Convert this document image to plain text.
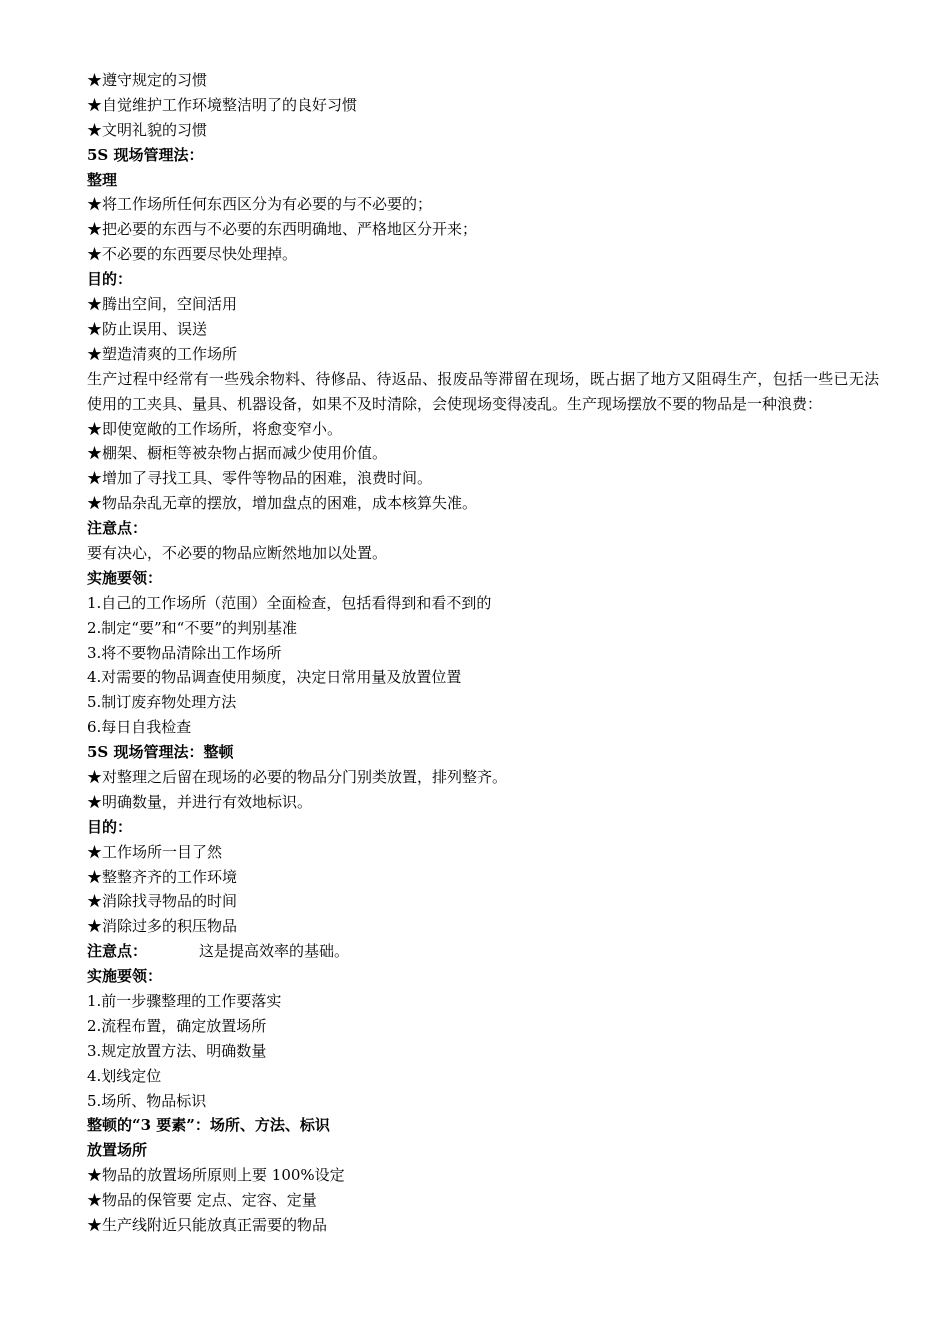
★遵守规定的习惯
★自觉维护工作环境整洁明了的良好习惯
★文明礼貌的习惯
5S 现场管理法：
整理
★将工作场所任何东西区分为有必要的与不必要的；
★把必要的东西与不必要的东西明确地、严格地区分开来；
★不必要的东西要尽快处理掉。
目的：
★腾出空间，空间活用
★防止误用、误送
★塑造清爽的工作场所
生产过程中经常有一些残余物料、待修品、待返品、报废品等滞留在现场，既占据了地方又阻碍生产，包括一些已无法使用的工夹具、量具、机器设备，如果不及时清除，会使现场变得凌乱。生产现场摆放不要的物品是一种浪费：
★即使宽敞的工作场所，将愈变窄小。
★棚架、橱柜等被杂物占据而减少使用价值。
★增加了寻找工具、零件等物品的困难，浪费时间。
★物品杂乱无章的摆放，增加盘点的困难，成本核算失准。
注意点：
要有决心，不必要的物品应断然地加以处置。
实施要领：
1.自己的工作场所（范围）全面检查，包括看得到和看不到的
2.制定“要”和“不要”的判别基准
3.将不要物品清除出工作场所
4.对需要的物品调查使用频度，决定日常用量及放置位置
5.制订废弃物处理方法
6.每日自我检查
5S 现场管理法：整顿
★对整理之后留在现场的必要的物品分门别类放置，排列整齐。
★明确数量，并进行有效地标识。
目的：
★工作场所一目了然
★整整齐齐的工作环境
★消除找寻物品的时间
★消除过多的积压物品
注意点：	这是提高效率的基础。
实施要领：
1.前一步骤整理的工作要落实
2.流程布置，确定放置场所
3.规定放置方法、明确数量
4.划线定位
5.场所、物品标识
整顿的“3 要素”：场所、方法、标识
放置场所
★物品的放置场所原则上要 100%设定
★物品的保管要 定点、定容、定量
★生产线附近只能放真正需要的物品
